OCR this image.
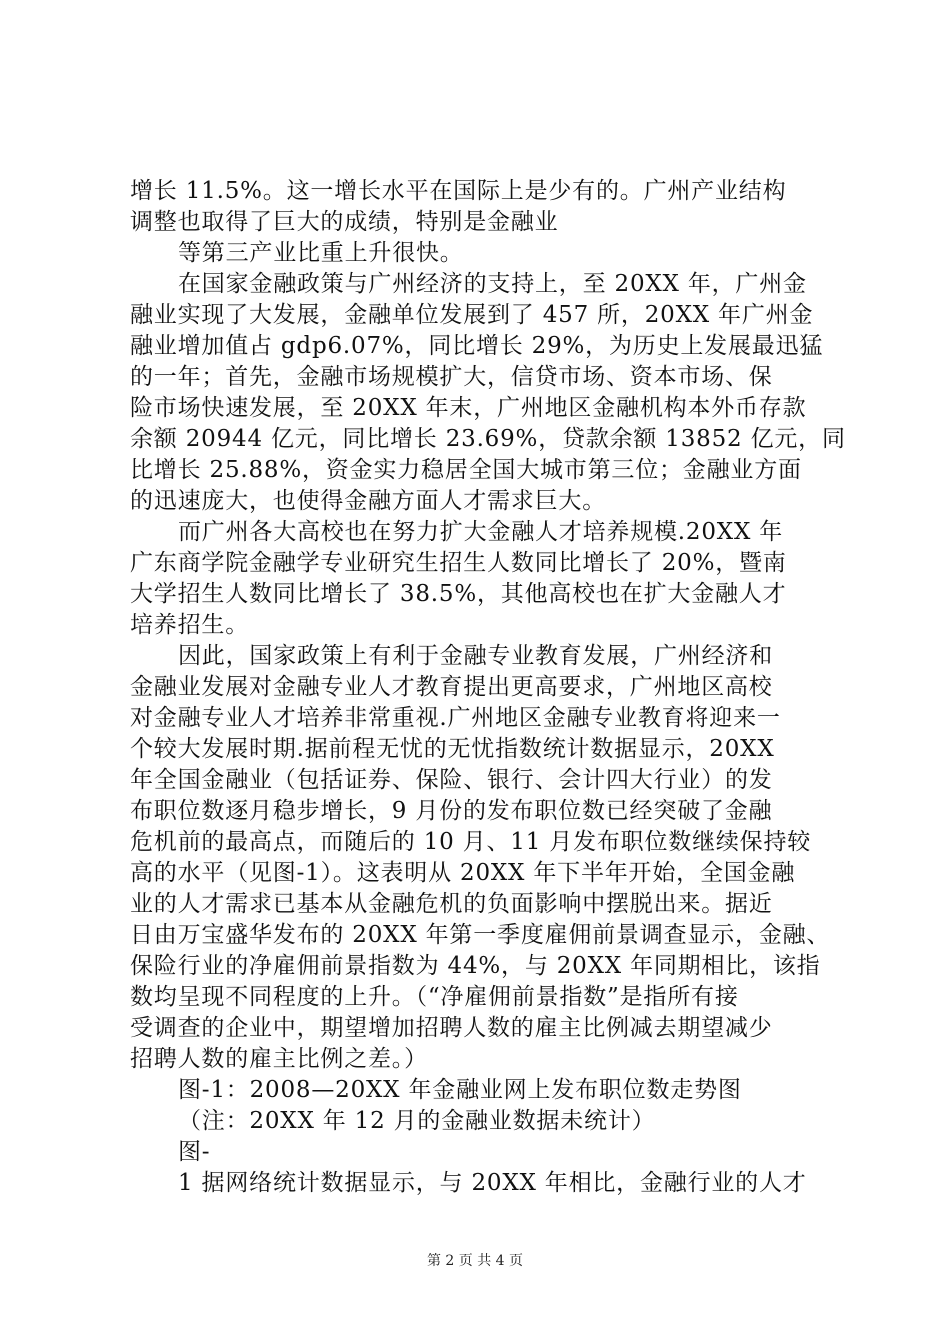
增长 11.5%。这一增长水平在国际上是少有的。广州产业结构
调整也取得了巨大的成绩，特别是金融业
等第三产业比重上升很快。
在国家金融政策与广州经济的支持上，至 20XX 年，广州金
融业实现了大发展，金融单位发展到了 457 所，20XX 年广州金
融业增加值占 gdp6.07%，同比增长 29%，为历史上发展最迅猛
的一年；首先，金融市场规模扩大，信贷市场、资本市场、保
险市场快速发展，至 20XX 年末，广州地区金融机构本外币存款
余额 20944 亿元，同比增长 23.69%，贷款余额 13852 亿元，同
比增长 25.88%，资金实力稳居全国大城市第三位；金融业方面
的迅速庞大，也使得金融方面人才需求巨大。
而广州各大高校也在努力扩大金融人才培养规模.20XX 年
广东商学院金融学专业研究生招生人数同比增长了 20%，暨南
大学招生人数同比增长了 38.5%，其他高校也在扩大金融人才
培养招生。
因此，国家政策上有利于金融专业教育发展，广州经济和
金融业发展对金融专业人才教育提出更高要求，广州地区高校
对金融专业人才培养非常重视.广州地区金融专业教育将迎来一
个较大发展时期.据前程无忧的无忧指数统计数据显示，20XX
年全国金融业（包括证券、保险、银行、会计四大行业）的发
布职位数逐月稳步增长，9 月份的发布职位数已经突破了金融
危机前的最高点，而随后的 10 月、11 月发布职位数继续保持较
高的水平（见图-1）。这表明从 20XX 年下半年开始，全国金融
业的人才需求已基本从金融危机的负面影响中摆脱出来。据近
日由万宝盛华发布的 20XX 年第一季度雇佣前景调查显示，金融、
保险行业的净雇佣前景指数为 44%，与 20XX 年同期相比，该指
数均呈现不同程度的上升。（“净雇佣前景指数”是指所有接
受调查的企业中，期望增加招聘人数的雇主比例减去期望减少
招聘人数的雇主比例之差。）
图-1：2008—20XX 年金融业网上发布职位数走势图
（注：20XX 年 12 月的金融业数据未统计）
图-
1 据网络统计数据显示，与 20XX 年相比，金融行业的人才
第 2 页 共 4 页
